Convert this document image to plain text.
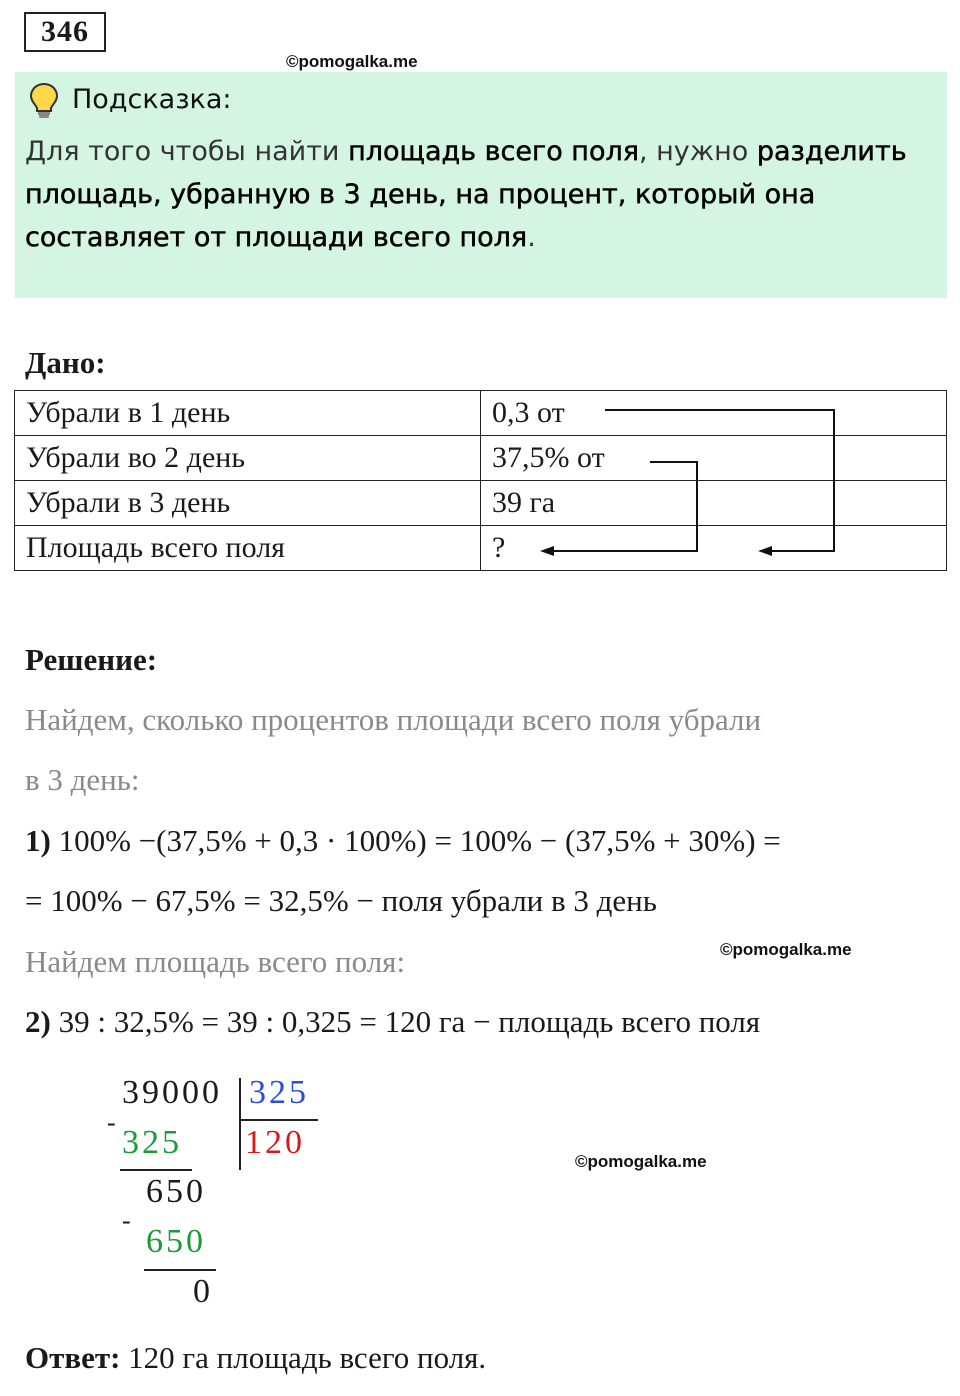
346
©pomogalka.me
Подсказка:
Для того чтобы найти площадь всего поля, нужно разделить площадь, убранную в 3 день, на процент, который она составляет от площади всего поля.
Дано:
Убрали в 1 день	0,3 от
Убрали во 2 день	37,5% от
Убрали в 3 день	39 га
Площадь всего поля	?
Решение:
Найдем, сколько процентов площади всего поля убрали
в 3 день:
1) 100% −(37,5% + 0,3 · 100%) = 100% − (37,5% + 30%) =
= 100% − 67,5% = 32,5% − поля убрали в 3 день
Найдем площадь всего поля:	©pomogalka.me
2) 39 : 32,5% = 39 : 0,325 = 120 га − площадь всего поля
39000 325
120
-
325
650
-
650
0
©pomogalka.me
Ответ: 120 га площадь всего поля.
